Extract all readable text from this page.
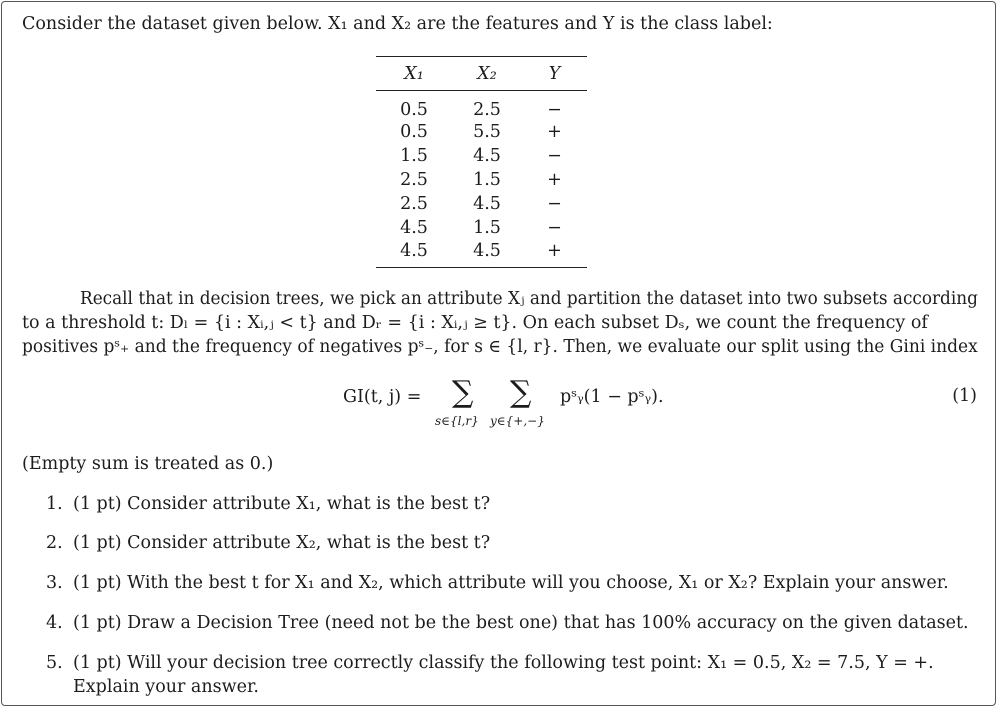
Consider the dataset given below. X₁ and X₂ are the features and Y is the class label:
X₁	X₂	Y
0.5	2.5	−
0.5	5.5	+
1.5	4.5	−
2.5	1.5	+
2.5	4.5	−
4.5	1.5	−
4.5	4.5	+
Recall that in decision trees, we pick an attribute Xⱼ and partition the dataset into two subsets according
to a threshold t: Dₗ = {i : Xᵢ,ⱼ < t} and Dᵣ = {i : Xᵢ,ⱼ ≥ t}. On each subset Dₛ, we count the frequency of
positives pˢ₊ and the frequency of negatives pˢ₋, for s ∈ {l, r}. Then, we evaluate our split using the Gini index
GI(t, j) = ∑ ∑
s∈{l,r} y∈{+,−}
pˢᵧ(1 − pˢᵧ).	(1)
(Empty sum is treated as 0.)
1. (1 pt) Consider attribute X₁, what is the best t?
2. (1 pt) Consider attribute X₂, what is the best t?
3. (1 pt) With the best t for X₁ and X₂, which attribute will you choose, X₁ or X₂? Explain your answer.
4. (1 pt) Draw a Decision Tree (need not be the best one) that has 100% accuracy on the given dataset.
5. (1 pt) Will your decision tree correctly classify the following test point: X₁ = 0.5, X₂ = 7.5, Y = +.
Explain your answer.
